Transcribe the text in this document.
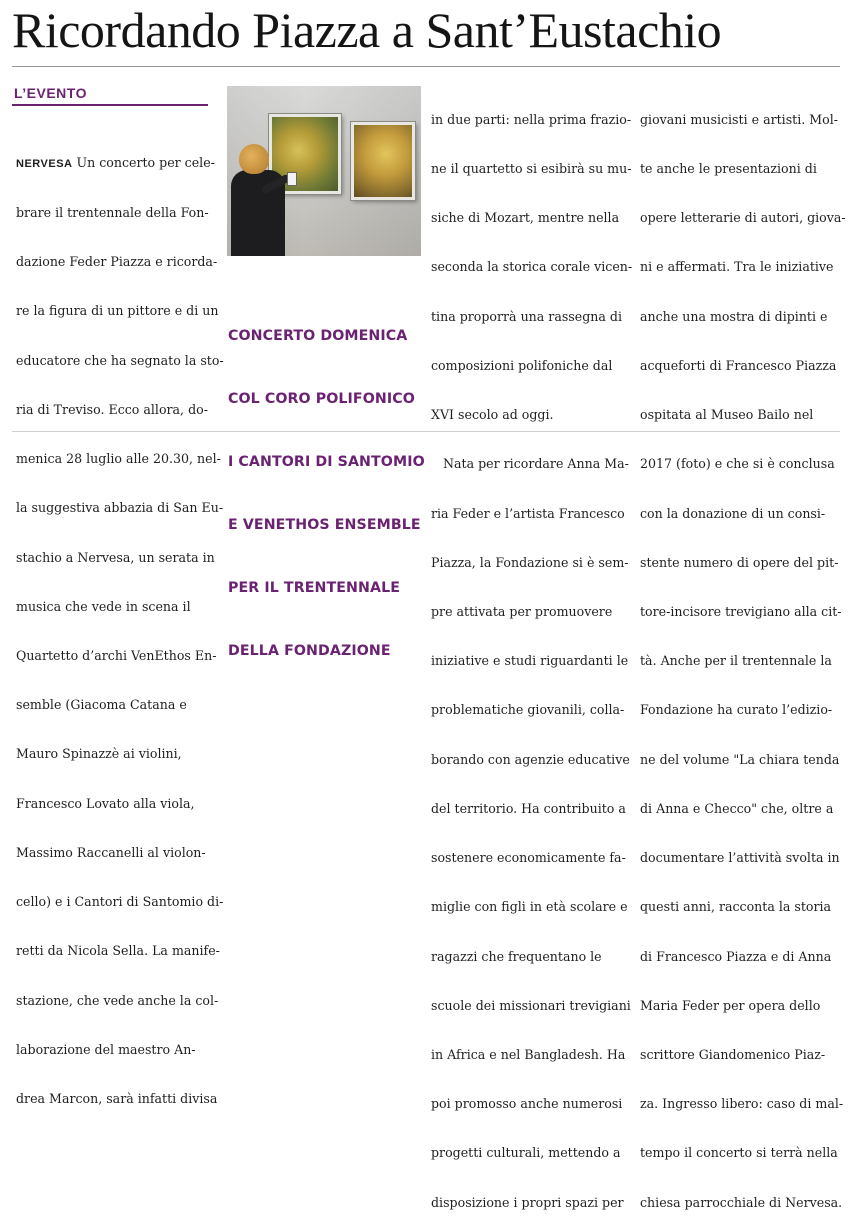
Ricordando Piazza a Sant’Eustachio
L’EVENTO

NERVESA Un concerto per cele-

brare il trentennale della Fon-

dazione Feder Piazza e ricorda-

re la figura di un pittore e di un

educatore che ha segnato la sto-

ria di Treviso. Ecco allora, do-

menica 28 luglio alle 20.30, nel-

la suggestiva abbazia di San Eu-

stachio a Nervesa, un serata in

musica che vede in scena il

Quartetto d’archi VenEthos En-

semble (Giacoma Catana e

Mauro Spinazzè ai violini,

Francesco Lovato alla viola,

Massimo Raccanelli al violon-

cello) e i Cantori di Santomio di-

retti da Nicola Sella. La manife-

stazione, che vede anche la col-

laborazione del maestro An-

drea Marcon, sarà infatti divisa

CONCERTO DOMENICA

COL CORO POLIFONICO

I CANTORI DI SANTOMIO

E VENETHOS ENSEMBLE

PER IL TRENTENNALE

DELLA FONDAZIONE

in due parti: nella prima frazio-

ne il quartetto si esibirà su mu-

siche di Mozart, mentre nella

seconda la storica corale vicen-

tina proporrà una rassegna di

composizioni polifoniche dal

XVI secolo ad oggi.

Nata per ricordare Anna Ma-

ria Feder e l’artista Francesco

Piazza, la Fondazione si è sem-

pre attivata per promuovere

iniziative e studi riguardanti le

problematiche giovanili, colla-

borando con agenzie educative

del territorio. Ha contribuito a

sostenere economicamente fa-

miglie con figli in età scolare e

ragazzi che frequentano le

scuole dei missionari trevigiani

in Africa e nel Bangladesh. Ha

poi promosso anche numerosi

progetti culturali, mettendo a

disposizione i propri spazi per

giovani musicisti e artisti. Mol-

te anche le presentazioni di

opere letterarie di autori, giova-

ni e affermati. Tra le iniziative

anche una mostra di dipinti e

acqueforti di Francesco Piazza

ospitata al Museo Bailo nel

2017 (foto) e che si è conclusa

con la donazione di un consi-

stente numero di opere del pit-

tore-incisore trevigiano alla cit-

tà. Anche per il trentennale la

Fondazione ha curato l’edizio-

ne del volume "La chiara tenda

di Anna e Checco" che, oltre a

documentare l’attività svolta in

questi anni, racconta la storia

di Francesco Piazza e di Anna

Maria Feder per opera dello

scrittore Giandomenico Piaz-

za. Ingresso libero: caso di mal-

tempo il concerto si terrà nella

chiesa parrocchiale di Nervesa.
